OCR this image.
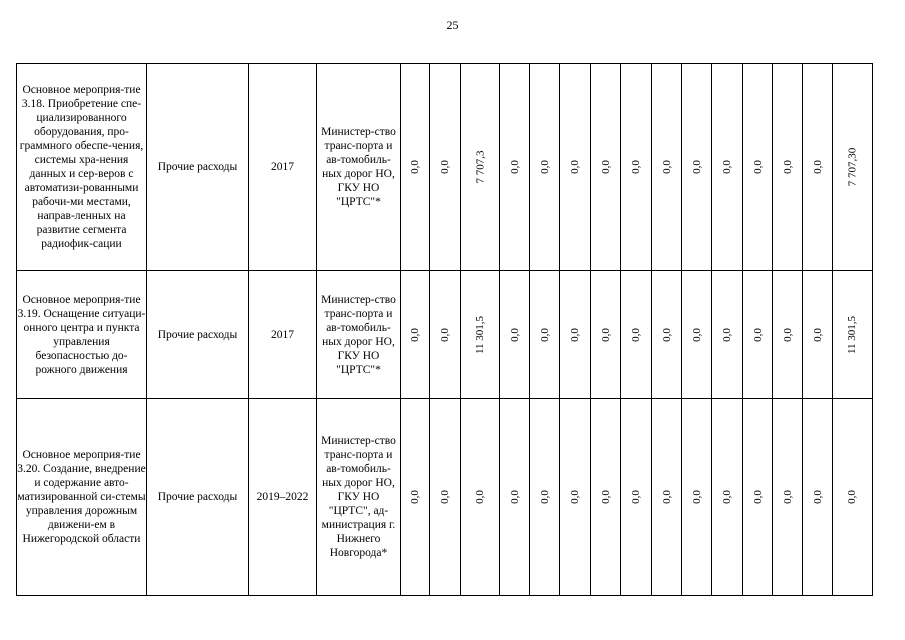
25
Основное мероприя-тие 3.18. Приобретение спе-циализированного оборудования, про-граммного обеспе-чения, системы хра-нения данных и сер-веров с автоматизи-рованными рабочи-ми местами, направ-ленных на развитие сегмента радиофик-сации	Прочие расходы	2017	Министер-ство транс-порта и ав-томобиль-ных дорог НО, ГКУ НО "ЦРТС"*	0,0	0,0	7 707,3	0,0	0,0	0,0	0,0	0,0	0,0	0,0	0,0	0,0	0,0	0,0	7 707,30
Основное мероприя-тие 3.19. Оснащение ситуаци-онного центра и пункта управления безопасностью до-рожного движения	Прочие расходы	2017	Министер-ство транс-порта и ав-томобиль-ных дорог НО, ГКУ НО "ЦРТС"*	0,0	0,0	11 301,5	0,0	0,0	0,0	0,0	0,0	0,0	0,0	0,0	0,0	0,0	0,0	11 301,5
Основное мероприя-тие 3.20. Создание, внедрение и содержание авто-матизированной си-стемы управления дорожным движени-ем в Нижегородской области	Прочие расходы	2019–2022	Министер-ство транс-порта и ав-томобиль-ных дорог НО, ГКУ НО "ЦРТС", ад-министрация г. Нижнего Новгорода*	0,0	0,0	0,0	0,0	0,0	0,0	0,0	0,0	0,0	0,0	0,0	0,0	0,0	0,0	0,0
